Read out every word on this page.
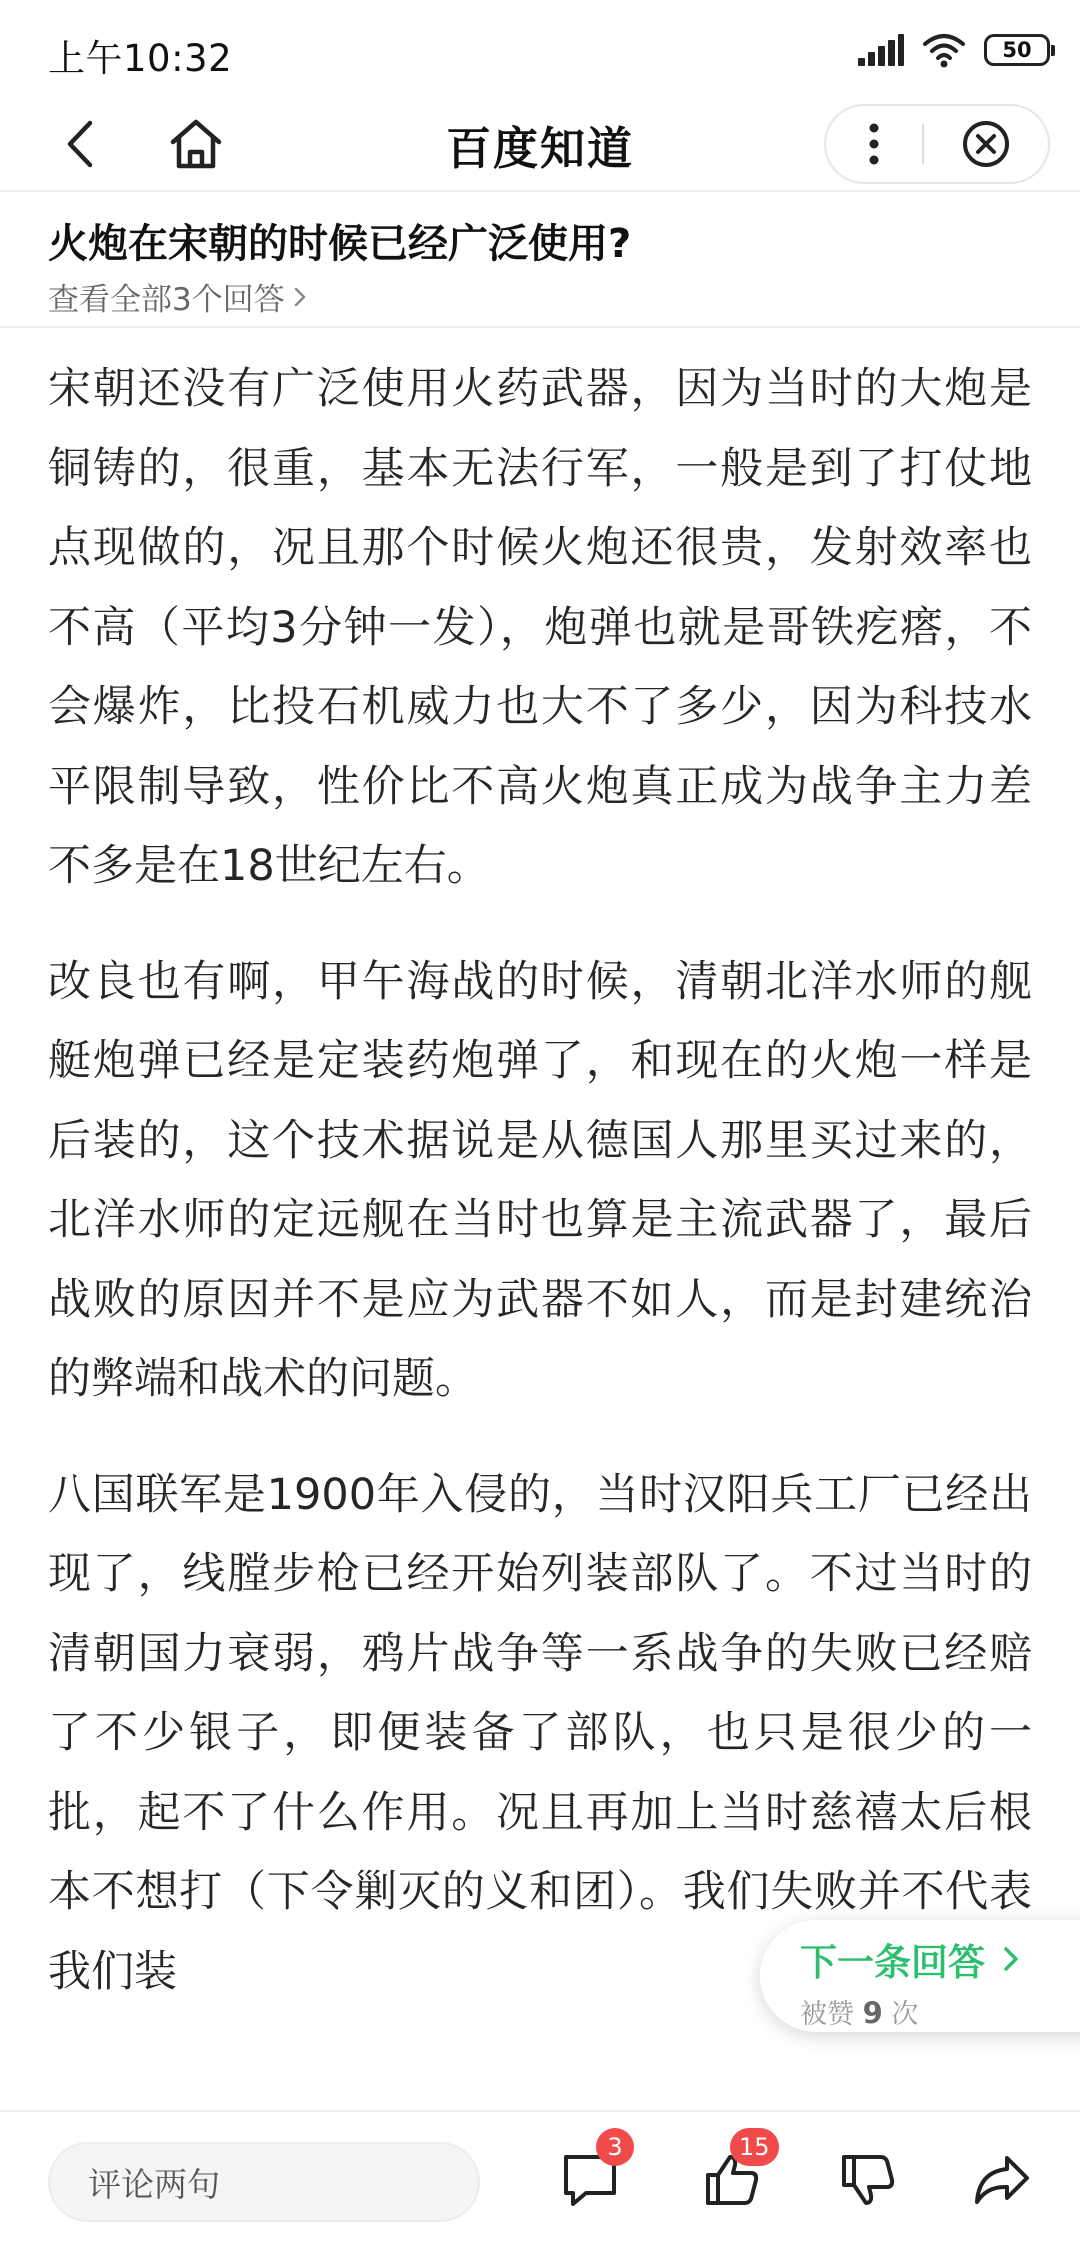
上午10:32	50
百度知道
火炮在宋朝的时候已经广泛使用?
查看全部3个回答

宋朝还没有广泛使用火药武器，因为当时的大炮是铜铸的，很重，基本无法行军，一般是到了打仗地点现做的，况且那个时候火炮还很贵，发射效率也不高（平均3分钟一发），炮弹也就是哥铁疙瘩，不会爆炸，比投石机威力也大不了多少，因为科技水平限制导致，性价比不高火炮真正成为战争主力差不多是在18世纪左右。

改良也有啊，甲午海战的时候，清朝北洋水师的舰艇炮弹已经是定装药炮弹了，和现在的火炮一样是后装的，这个技术据说是从德国人那里买过来的，北洋水师的定远舰在当时也算是主流武器了，最后战败的原因并不是应为武器不如人，而是封建统治的弊端和战术的问题。

八国联军是1900年入侵的，当时汉阳兵工厂已经出现了，线膛步枪已经开始列装部队了。不过当时的清朝国力衰弱，鸦片战争等一系战争的失败已经赔了不少银子，即便装备了部队，也只是很少的一批，起不了什么作用。况且再加上当时慈禧太后根本不想打（下令剿灭的义和团）。我们失败并不代表我们装	下一条回答
被赞 9 次
评论两句
3	15
